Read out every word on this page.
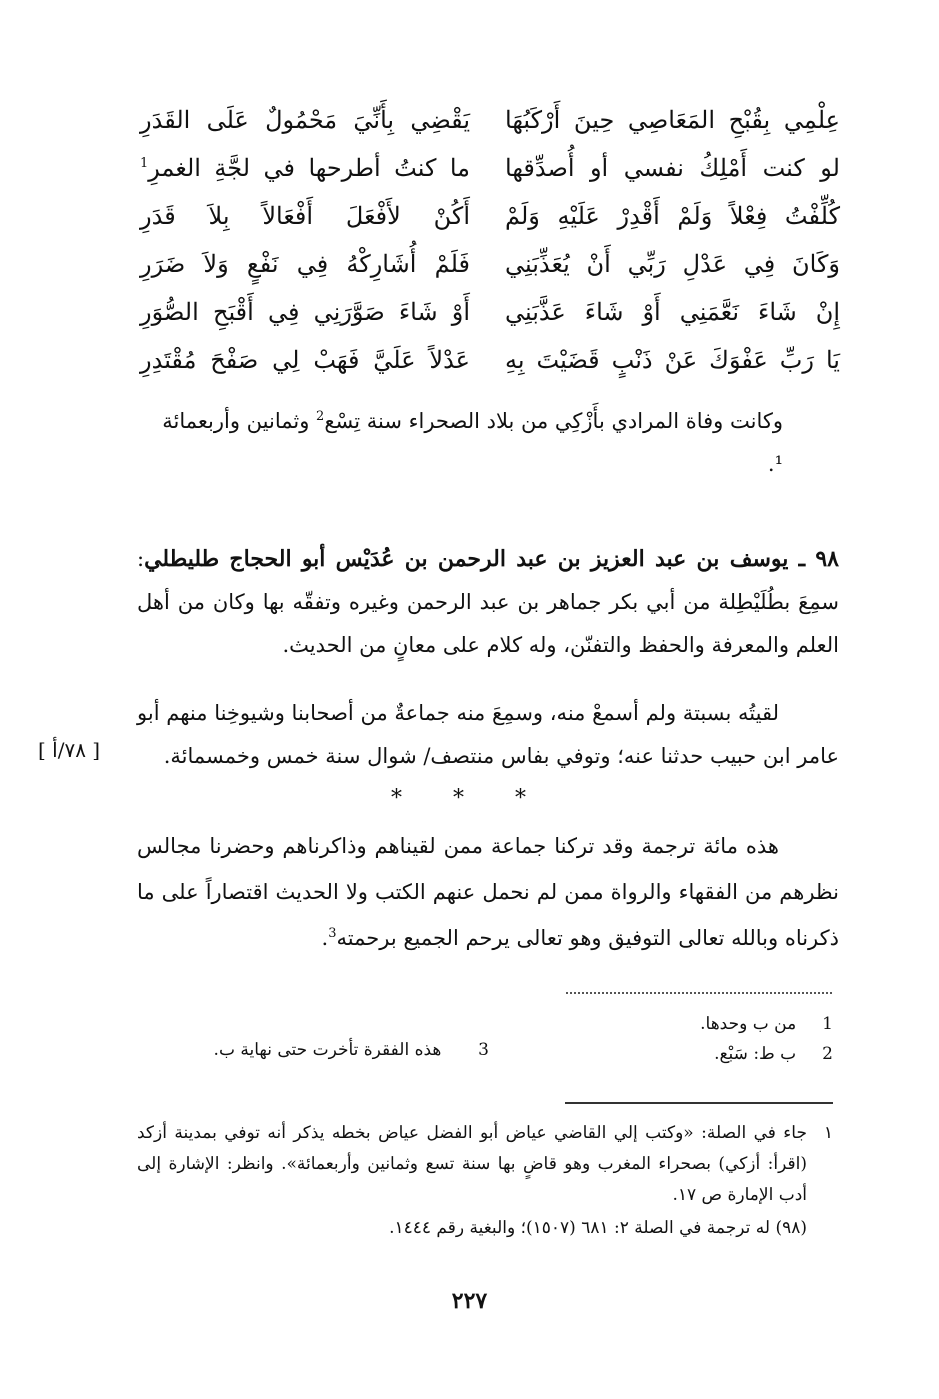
عِلْمِي بِقُبْحِ المَعَاصِي حِينَ أَرْكَبُهَا
يَقْضِي بِأَنِّيَ مَحْمُولٌ عَلَى القَدَرِ
لو كنت أَمْلِكُ نفسي أو أُصدِّقها
ما كنتُ أطرحها في لجَّةِ الغمرِ$^1$
كُلِّفْتُ فِعْلاً وَلَمْ أَقْدِرْ عَلَيْهِ وَلَمْ
أَكُنْ لأَفْعَلَ أَفْعَالاً بِلاَ قَدَرِ
وَكَانَ فِي عَدْلِ رَبِّي أَنْ يُعَذِّبَنِي
فَلَمْ أُشَارِكْهُ فِي نَفْعٍ وَلاَ ضَرَرِ
إِنْ شَاءَ نَعَّمَنِي أَوْ شَاءَ عَذَّبَنِي
أَوْ شَاءَ صَوَّرَنِي فِي أَقْبَحِ الصُّوَرِ
يَا رَبِّ عَفْوَكَ عَنْ ذَنْبٍ قَضَيْتَ بِهِ
عَدْلاً عَلَيَّ فَهَبْ لِي صَفْحَ مُقْتَدِرِ

وكانت وفاة المرادي بأَزْكِي من بلاد الصحراء سنة تِسْع$^2$ وثمانين وأربعمائة ¹.

٩٨ ـ يوسف بن عبد العزيز بن عبد الرحمن بن عُدَيْس أبو الحجاج طليطلي: سمِعَ بطُلَيْطِلة من أبي بكر جماهر بن عبد الرحمن وغيره وتفقّه بها وكان من أهل العلم والمعرفة والحفظ والتفنّن، وله كلام على معانٍ من الحديث.

لقيتُه بسبتة ولم أسمعْ منه، وسمِعَ منه جماعةٌ من أصحابنا وشيوخِنا منهم أبو عامر ابن حبيب حدثنا عنه؛ وتوفي بفاس منتصف/ شوال سنة خمس وخمسمائة.

[ ٧٨/أ ]
* * *

هذه مائة ترجمة وقد تركنا جماعة ممن لقيناهم وذاكرناهم وحضرنا مجالس نظرهم من الفقهاء والرواة ممن لم نحمل عنهم الكتب ولا الحديث اقتصاراً على ما ذكرناه وبالله تعالى التوفيق وهو تعالى يرحم الجميع برحمته$^3$.

1  من ب وحدها.
2  ب ط: سَبْع.
3    هذه الفقرة تأخرت حتى نهاية ب.
١
جاء في الصلة: «وكتب إلي القاضي عياض أبو الفضل عياض بخطه يذكر أنه توفي بمدينة أزكد (اقرأ: أزكي) بصحراء المغرب وهو قاضٍ بها سنة تسع وثمانين وأربعمائة». وانظر: الإشارة إلى أدب الإمارة ص ١٧.
(٩٨) له ترجمة في الصلة ٢: ٦٨١ (١٥٠٧)؛ والبغية رقم ١٤٤٤.
٢٢٧
